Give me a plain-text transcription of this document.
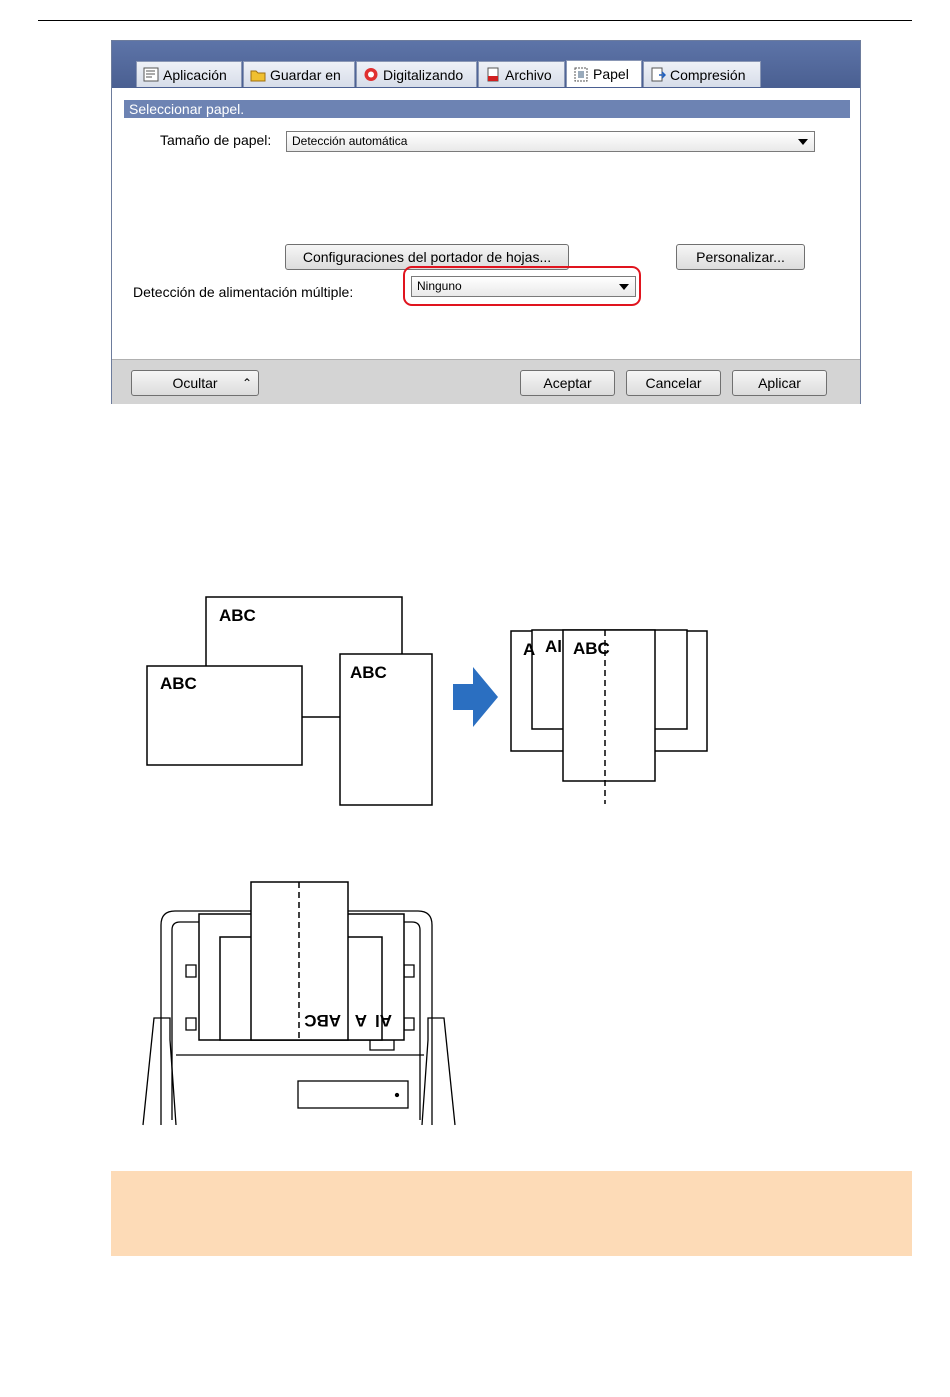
Aplicación	Guardar en	Digitalizando	Archivo	Papel	Compresión
Seleccionar papel.
Tamaño de papel:	Detección automática
Configuraciones del portador de hojas...	Personalizar...
Detección de alimentación múltiple:	Ninguno
Ocultar ⌃	Aceptar	Cancelar	Aplicar
ABC
ABC
ABC
A Al ABC
ABC A Al
